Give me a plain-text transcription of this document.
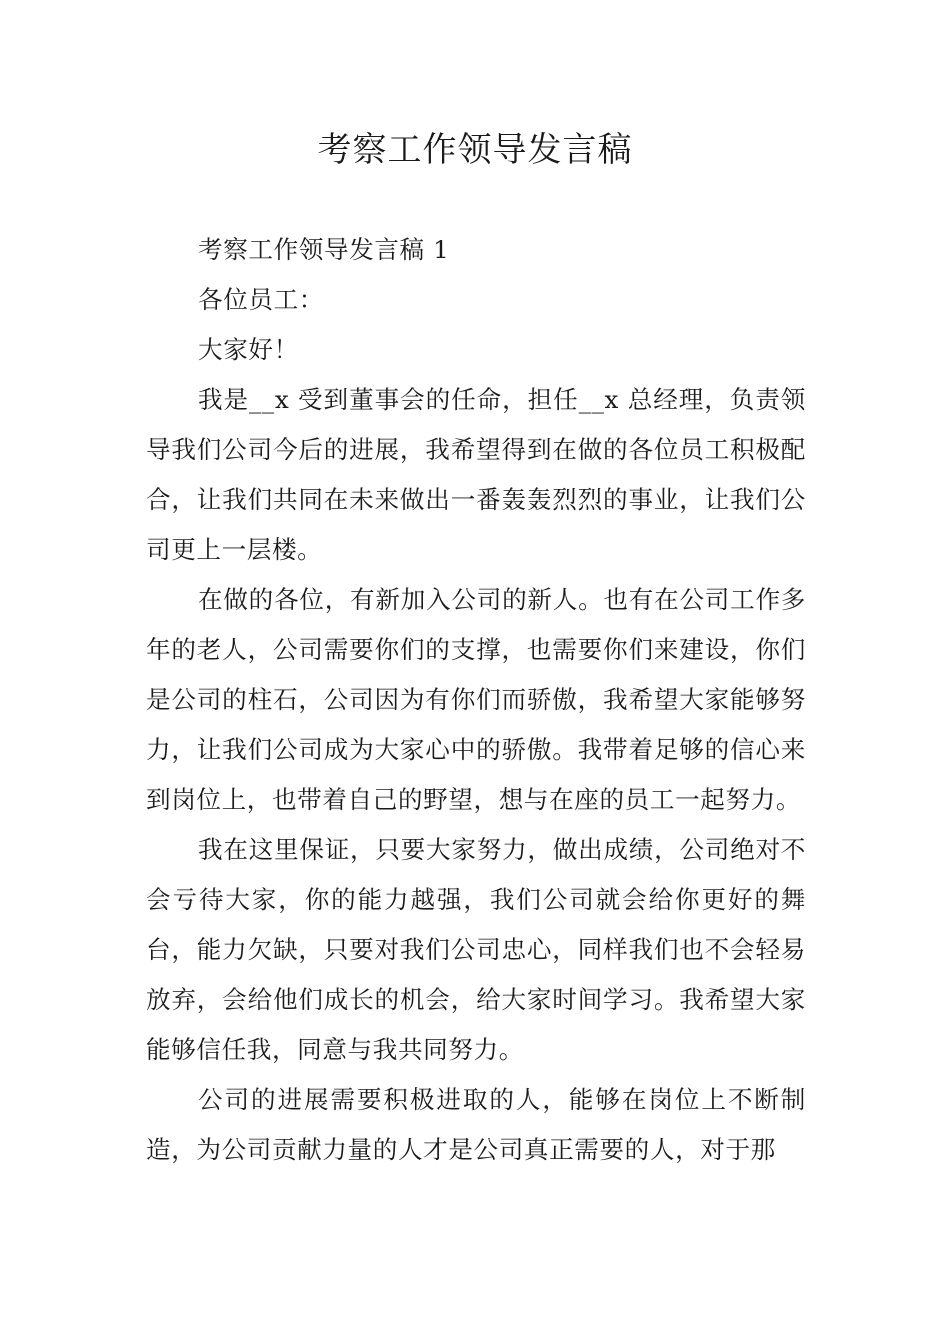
考察工作领导发言稿

考察工作领导发言稿 1

各位员工：

大家好！

我是__x 受到董事会的任命，担任__x 总经理，负责领导我们公司今后的进展，我希望得到在做的各位员工积极配合，让我们共同在未来做出一番轰轰烈烈的事业，让我们公司更上一层楼。

在做的各位，有新加入公司的新人。也有在公司工作多年的老人，公司需要你们的支撑，也需要你们来建设，你们是公司的柱石，公司因为有你们而骄傲，我希望大家能够努力，让我们公司成为大家心中的骄傲。我带着足够的信心来到岗位上，也带着自己的野望，想与在座的员工一起努力。

我在这里保证，只要大家努力，做出成绩，公司绝对不会亏待大家，你的能力越强，我们公司就会给你更好的舞台，能力欠缺，只要对我们公司忠心，同样我们也不会轻易放弃，会给他们成长的机会，给大家时间学习。我希望大家能够信任我，同意与我共同努力。

公司的进展需要积极进取的人，能够在岗位上不断制造，为公司贡献力量的人才是公司真正需要的人，对于那
